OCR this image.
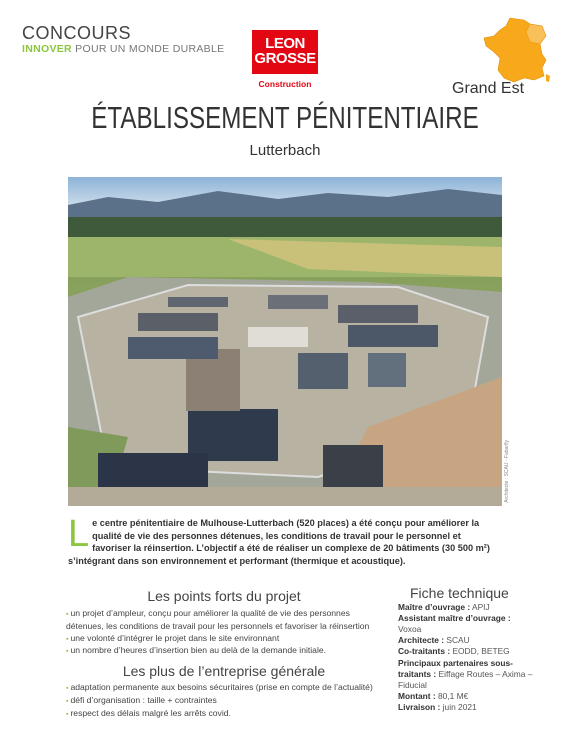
CONCOURS
INNOVER POUR UN MONDE DURABLE	LEON
GROSSE
Construction	Grand Est
ÉTABLISSEMENT PÉNITENTIAIRE
Lutterbach
Architecte : SCAU - Fabarfly
Le centre pénitentiaire de Mulhouse-Lutterbach (520 places) a été conçu pour améliorer la qualité de vie des personnes détenues, les conditions de travail pour le personnel et favoriser la réinsertion. L’objectif a été de réaliser un complexe de 20 bâtiments (30 500 m²) s’intégrant dans son environnement et performant (thermique et acoustique).
Les points forts du projet
▪ un projet d’ampleur, conçu pour améliorer la qualité de vie des personnes détenues, les conditions de travail pour les personnels et favoriser la réinsertion
▪ une volonté d’intégrer le projet dans le site environnant
▪ un nombre d’heures d’insertion bien au delà de la demande initiale.
Les plus de l’entreprise générale
▪ adaptation permanente aux besoins sécuritaires (prise en compte de l’actualité)
▪ défi d’organisation : taille + contraintes
▪ respect des délais malgré les arrêts covid.
Fiche technique
Maître d’ouvrage : APIJ
Assistant maître d’ouvrage :
Voxoa
Architecte : SCAU
Co-traitants : EODD, BETEG
Principaux partenaires sous-traitants : Eiffage Routes – Axima – Fiducial
Montant : 80,1 M€
Livraison : juin 2021
